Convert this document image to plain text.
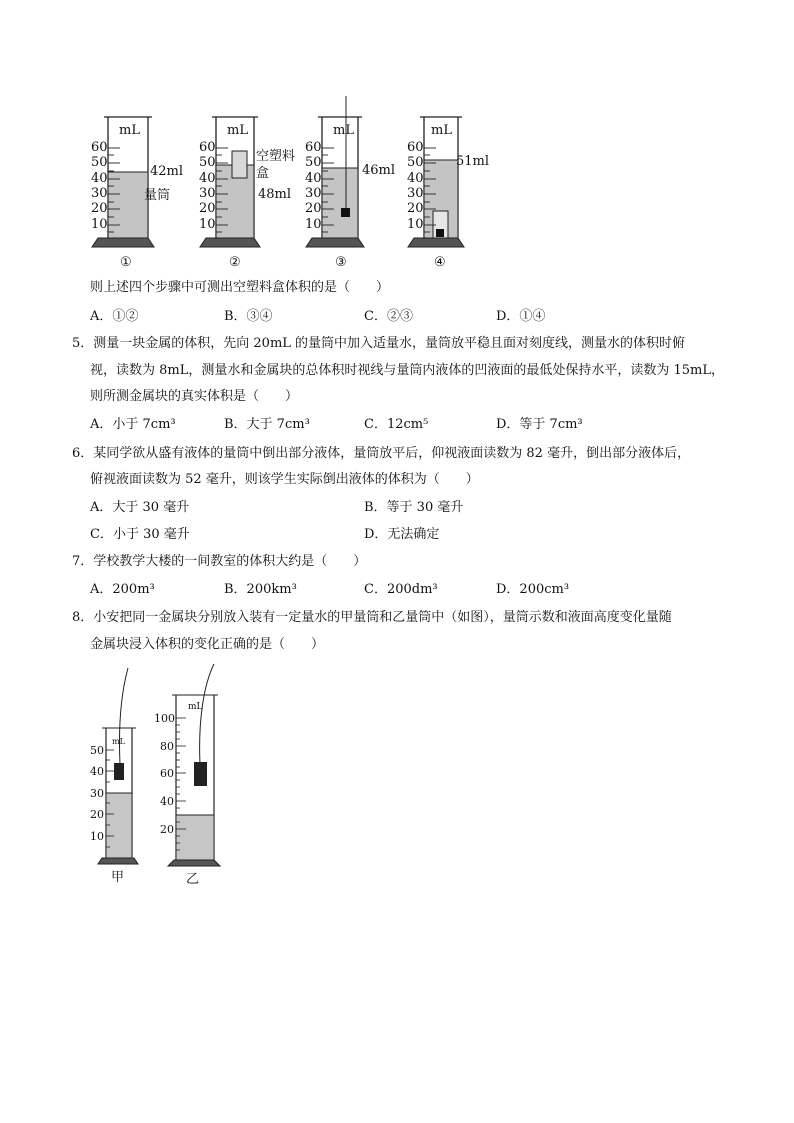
mL
60
50
40
30
20
10
42ml
量筒
①
mL
60
50
40
30
20
10
空塑料盒
48ml
②
mL
60
50
40
30
20
10
46ml
③
mL
60
50
40
30
20
10
51ml
④
则上述四个步骤中可测出空塑料盒体积的是（　　）
A．①②	B．③④	C．②③	D．①④
5．测量一块金属的体积，先向 20mL 的量筒中加入适量水，量筒放平稳且面对刻度线，测量水的体积时俯
视，读数为 8mL，测量水和金属块的总体积时视线与量筒内液体的凹液面的最低处保持水平，读数为 15mL，
则所测金属块的真实体积是（　　）
A．小于 7cm³	B．大于 7cm³	C．12cm⁵	D．等于 7cm³
6．某同学欲从盛有液体的量筒中倒出部分液体，量筒放平后，仰视液面读数为 82 毫升，倒出部分液体后，
俯视液面读数为 52 毫升，则该学生实际倒出液体的体积为（　　）
A．大于 30 毫升	B．等于 30 毫升
C．小于 30 毫升	D．无法确定
7．学校教学大楼的一间教室的体积大约是（　　）
A．200m³	B．200km³	C．200dm³	D．200cm³
8．小安把同一金属块分别放入装有一定量水的甲量筒和乙量筒中（如图），量筒示数和液面高度变化量随
金属块浸入体积的变化正确的是（　　）
mL
50
40
30
20
10
甲
mL
100
80
60
40
20
乙
